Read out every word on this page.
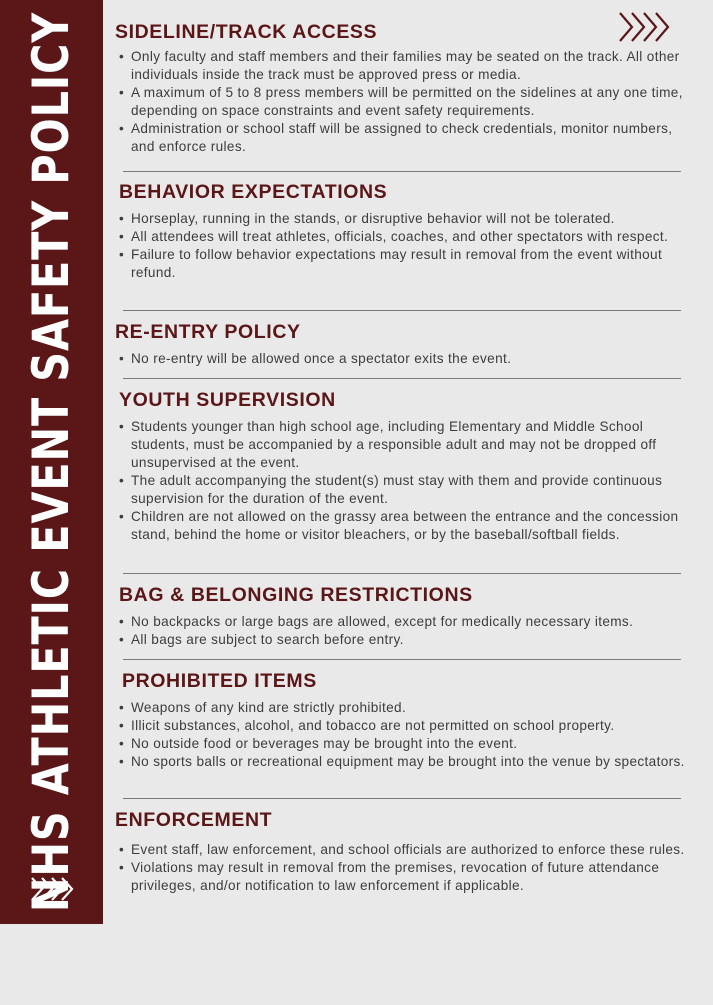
NHS ATHLETIC EVENT SAFETY POLICY SIDELINE/TRACK ACCESS
• Only faculty and staff members and their families may be seated on the track. All other individuals inside the track must be approved press or media.
• A maximum of 5 to 8 press members will be permitted on the sidelines at any one time, depending on space constraints and event safety requirements.
• Administration or school staff will be assigned to check credentials, monitor numbers, and enforce rules.
BEHAVIOR EXPECTATIONS
• Horseplay, running in the stands, or disruptive behavior will not be tolerated.
• All attendees will treat athletes, officials, coaches, and other spectators with respect.
• Failure to follow behavior expectations may result in removal from the event without refund.
RE-ENTRY POLICY
• No re-entry will be allowed once a spectator exits the event.
YOUTH SUPERVISION
• Students younger than high school age, including Elementary and Middle School students, must be accompanied by a responsible adult and may not be dropped off unsupervised at the event.
• The adult accompanying the student(s) must stay with them and provide continuous supervision for the duration of the event.
• Children are not allowed on the grassy area between the entrance and the concession stand, behind the home or visitor bleachers, or by the baseball/softball fields.
BAG & BELONGING RESTRICTIONS
• No backpacks or large bags are allowed, except for medically necessary items.
• All bags are subject to search before entry.
PROHIBITED ITEMS
• Weapons of any kind are strictly prohibited.
• Illicit substances, alcohol, and tobacco are not permitted on school property.
• No outside food or beverages may be brought into the event.
• No sports balls or recreational equipment may be brought into the venue by spectators.
ENFORCEMENT
• Event staff, law enforcement, and school officials are authorized to enforce these rules.
• Violations may result in removal from the premises, revocation of future attendance privileges, and/or notification to law enforcement if applicable.
